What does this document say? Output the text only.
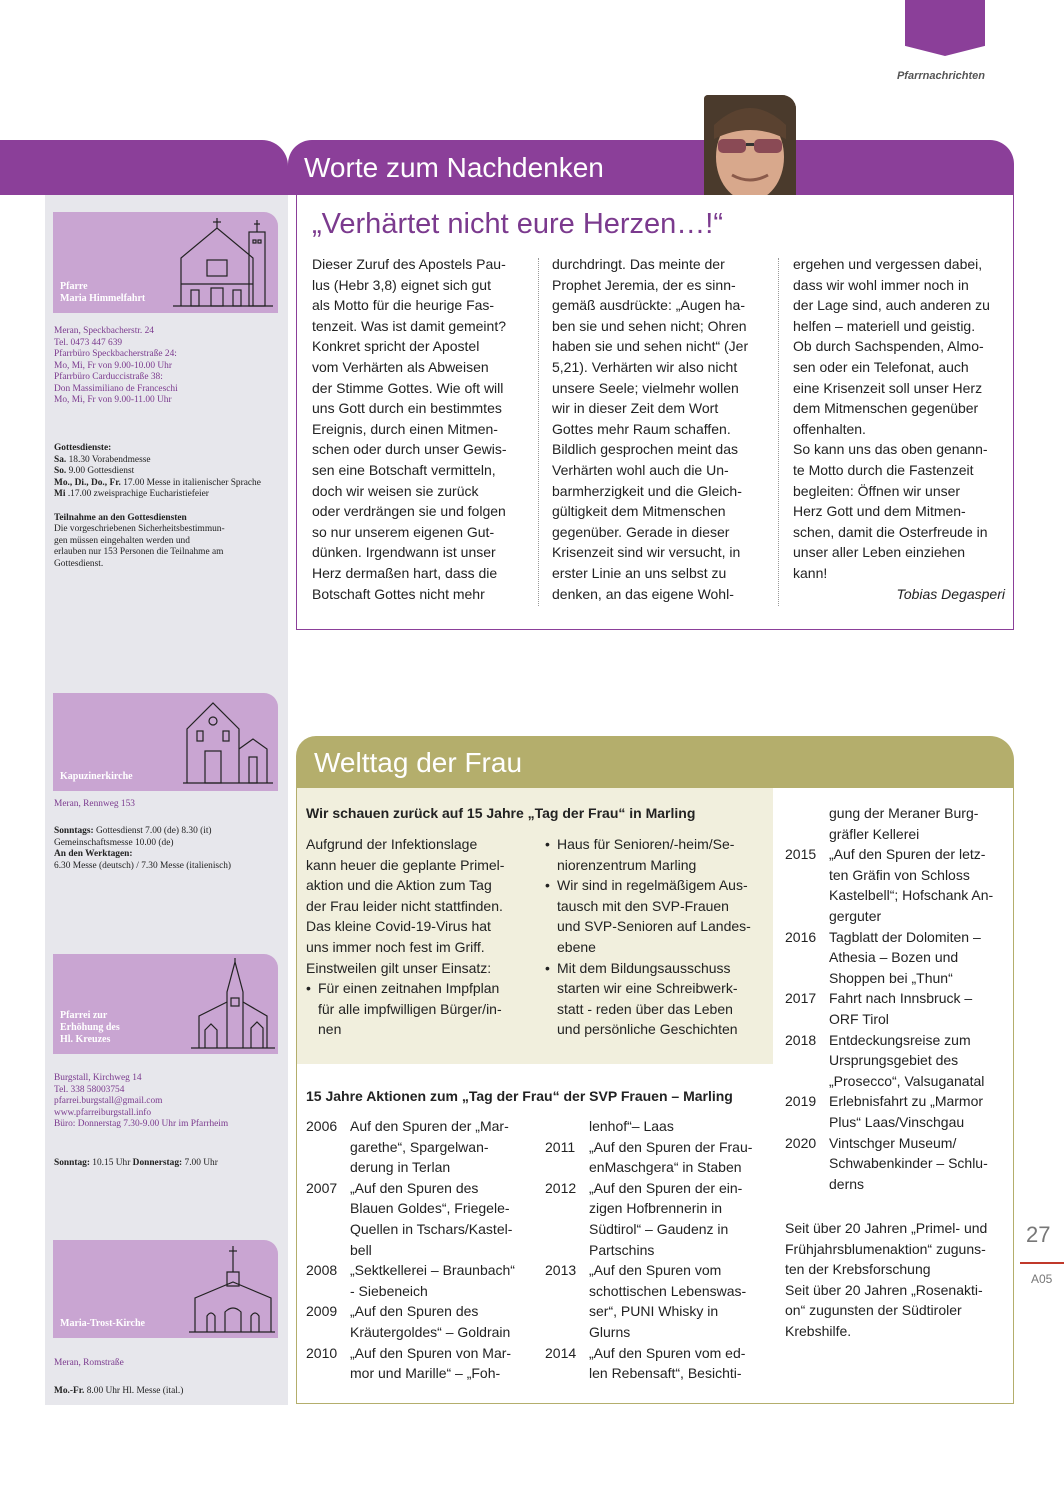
Pfarrnachrichten
Worte zum Nachdenken
„Verhärtet nicht eure Herzen…!“
Dieser Zuruf des Apostels Pau-
lus (Hebr 3,8) eignet sich gut
als Motto für die heurige Fas-
tenzeit. Was ist damit gemeint?
Konkret spricht der Apostel
vom Verhärten als Abweisen
der Stimme Gottes. Wie oft will
uns Gott durch ein bestimmtes
Ereignis, durch einen Mitmen-
schen oder durch unser Gewis-
sen eine Botschaft vermitteln,
doch wir weisen sie zurück
oder verdrängen sie und folgen
so nur unserem eigenen Gut-
dünken. Irgendwann ist unser
Herz dermaßen hart, dass die
Botschaft Gottes nicht mehr
durchdringt. Das meinte der
Prophet Jeremia, der es sinn-
gemäß ausdrückte: „Augen ha-
ben sie und sehen nicht; Ohren
haben sie und sehen nicht“ (Jer
5,21). Verhärten wir also nicht
unsere Seele; vielmehr wollen
wir in dieser Zeit dem Wort
Gottes mehr Raum schaffen.
Bildlich gesprochen meint das
Verhärten wohl auch die Un-
barmherzigkeit und die Gleich-
gültigkeit dem Mitmenschen
gegenüber. Gerade in dieser
Krisenzeit sind wir versucht, in
erster Linie an uns selbst zu
denken, an das eigene Wohl-
ergehen und vergessen dabei,
dass wir wohl immer noch in
der Lage sind, auch anderen zu
helfen – materiell und geistig.
Ob durch Sachspenden, Almo-
sen oder ein Telefonat, auch
eine Krisenzeit soll unser Herz
dem Mitmenschen gegenüber
offenhalten.
So kann uns das oben genann-
te Motto durch die Fastenzeit
begleiten: Öffnen wir unser
Herz Gott und dem Mitmen-
schen, damit die Osterfreude in
unser aller Leben einziehen
kann!
Tobias Degasperi
Pfarre
Maria Himmelfahrt
Meran, Speckbacherstr. 24
Tel. 0473 447 639
Pfarrbüro Speckbacherstraße 24:
Mo, Mi, Fr von 9.00-10.00 Uhr
Pfarrbüro Carduccistraße 38:
Don Massimiliano de Franceschi
Mo, Mi, Fr von 9.00-11.00 Uhr
Gottesdienste:
Sa. 18.30 Vorabendmesse
So. 9.00 Gottesdienst
Mo., Di., Do., Fr. 17.00 Messe in italienischer Sprache
Mi .17.00 zweisprachige Eucharistiefeier
Teilnahme an den Gottesdiensten
Die vorgeschriebenen Sicherheitsbestimmun-
gen müssen eingehalten werden und
erlauben nur 153 Personen die Teilnahme am
Gottesdienst.
Kapuzinerkirche
Meran, Rennweg 153
Sonntags: Gottesdienst 7.00 (de) 8.30 (it)
Gemeinschaftsmesse 10.00 (de)
An den Werktagen:
6.30 Messe (deutsch) / 7.30 Messe (italienisch)
Pfarrei zur
Erhöhung des
Hl. Kreuzes
Burgstall, Kirchweg 14
Tel. 338 58003754
pfarrei.burgstall@gmail.com
www.pfarreiburgstall.info
Büro: Donnerstag 7.30-9.00 Uhr im Pfarrheim
Sonntag: 10.15 Uhr Donnerstag: 7.00 Uhr
Maria-Trost-Kirche
Meran, Romstraße
Mo.-Fr. 8.00 Uhr Hl. Messe (ital.)
Welttag der Frau
Wir schauen zurück auf 15 Jahre „Tag der Frau“ in Marling
Aufgrund der Infektionslage
kann heuer die geplante Primel-
aktion und die Aktion zum Tag
der Frau leider nicht stattfinden.
Das kleine Covid-19-Virus hat
uns immer noch fest im Griff.
Einstweilen gilt unser Einsatz:
• Für einen zeitnahen Impfplan
für alle impfwilligen Bürger/in-
nen
• Haus für Senioren/-heim/Se-
niorenzentrum Marling
• Wir sind in regelmäßigem Aus-
tausch mit den SVP-Frauen
und SVP-Senioren auf Landes-
ebene
• Mit dem Bildungsausschuss
starten wir eine Schreibwerk-
statt - reden über das Leben
und persönliche Geschichten
15 Jahre Aktionen zum „Tag der Frau“ der SVP Frauen – Marling
2006 Auf den Spuren der „Mar-
garethe“, Spargelwan-
derung in Terlan
2007 „Auf den Spuren des
Blauen Goldes“, Friegele-
Quellen in Tschars/Kastel-
bell
2008 „Sektkellerei – Braunbach“
- Siebeneich
2009 „Auf den Spuren des
Kräutergoldes“ – Goldrain
2010 „Auf den Spuren von Mar-
mor und Marille“ – „Foh-
lenhof“– Laas
2011 „Auf den Spuren der Frau-
enMaschgera“ in Staben
2012 „Auf den Spuren der ein-
zigen Hofbrennerin in
Südtirol“ – Gaudenz in
Partschins
2013 „Auf den Spuren vom
schottischen Lebenswas-
ser“, PUNI Whisky in
Glurns
2014 „Auf den Spuren vom ed-
len Rebensaft“, Besichti-
gung der Meraner Burg-
gräfler Kellerei
2015 „Auf den Spuren der letz-
ten Gräfin von Schloss
Kastelbell“; Hofschank An-
gerguter
2016 Tagblatt der Dolomiten –
Athesia – Bozen und
Shoppen bei „Thun“
2017 Fahrt nach Innsbruck –
ORF Tirol
2018 Entdeckungsreise zum
Ursprungsgebiet des
„Prosecco“, Valsuganatal
2019 Erlebnisfahrt zu „Marmor
Plus“ Laas/Vinschgau
2020 Vintschger Museum/
Schwabenkinder – Schlu-
derns
Seit über 20 Jahren „Primel- und
Frühjahrsblumenaktion“ zuguns-
ten der Krebsforschung
Seit über 20 Jahren „Rosenakti-
on“ zugunsten der Südtiroler
Krebshilfe.
27
A05
